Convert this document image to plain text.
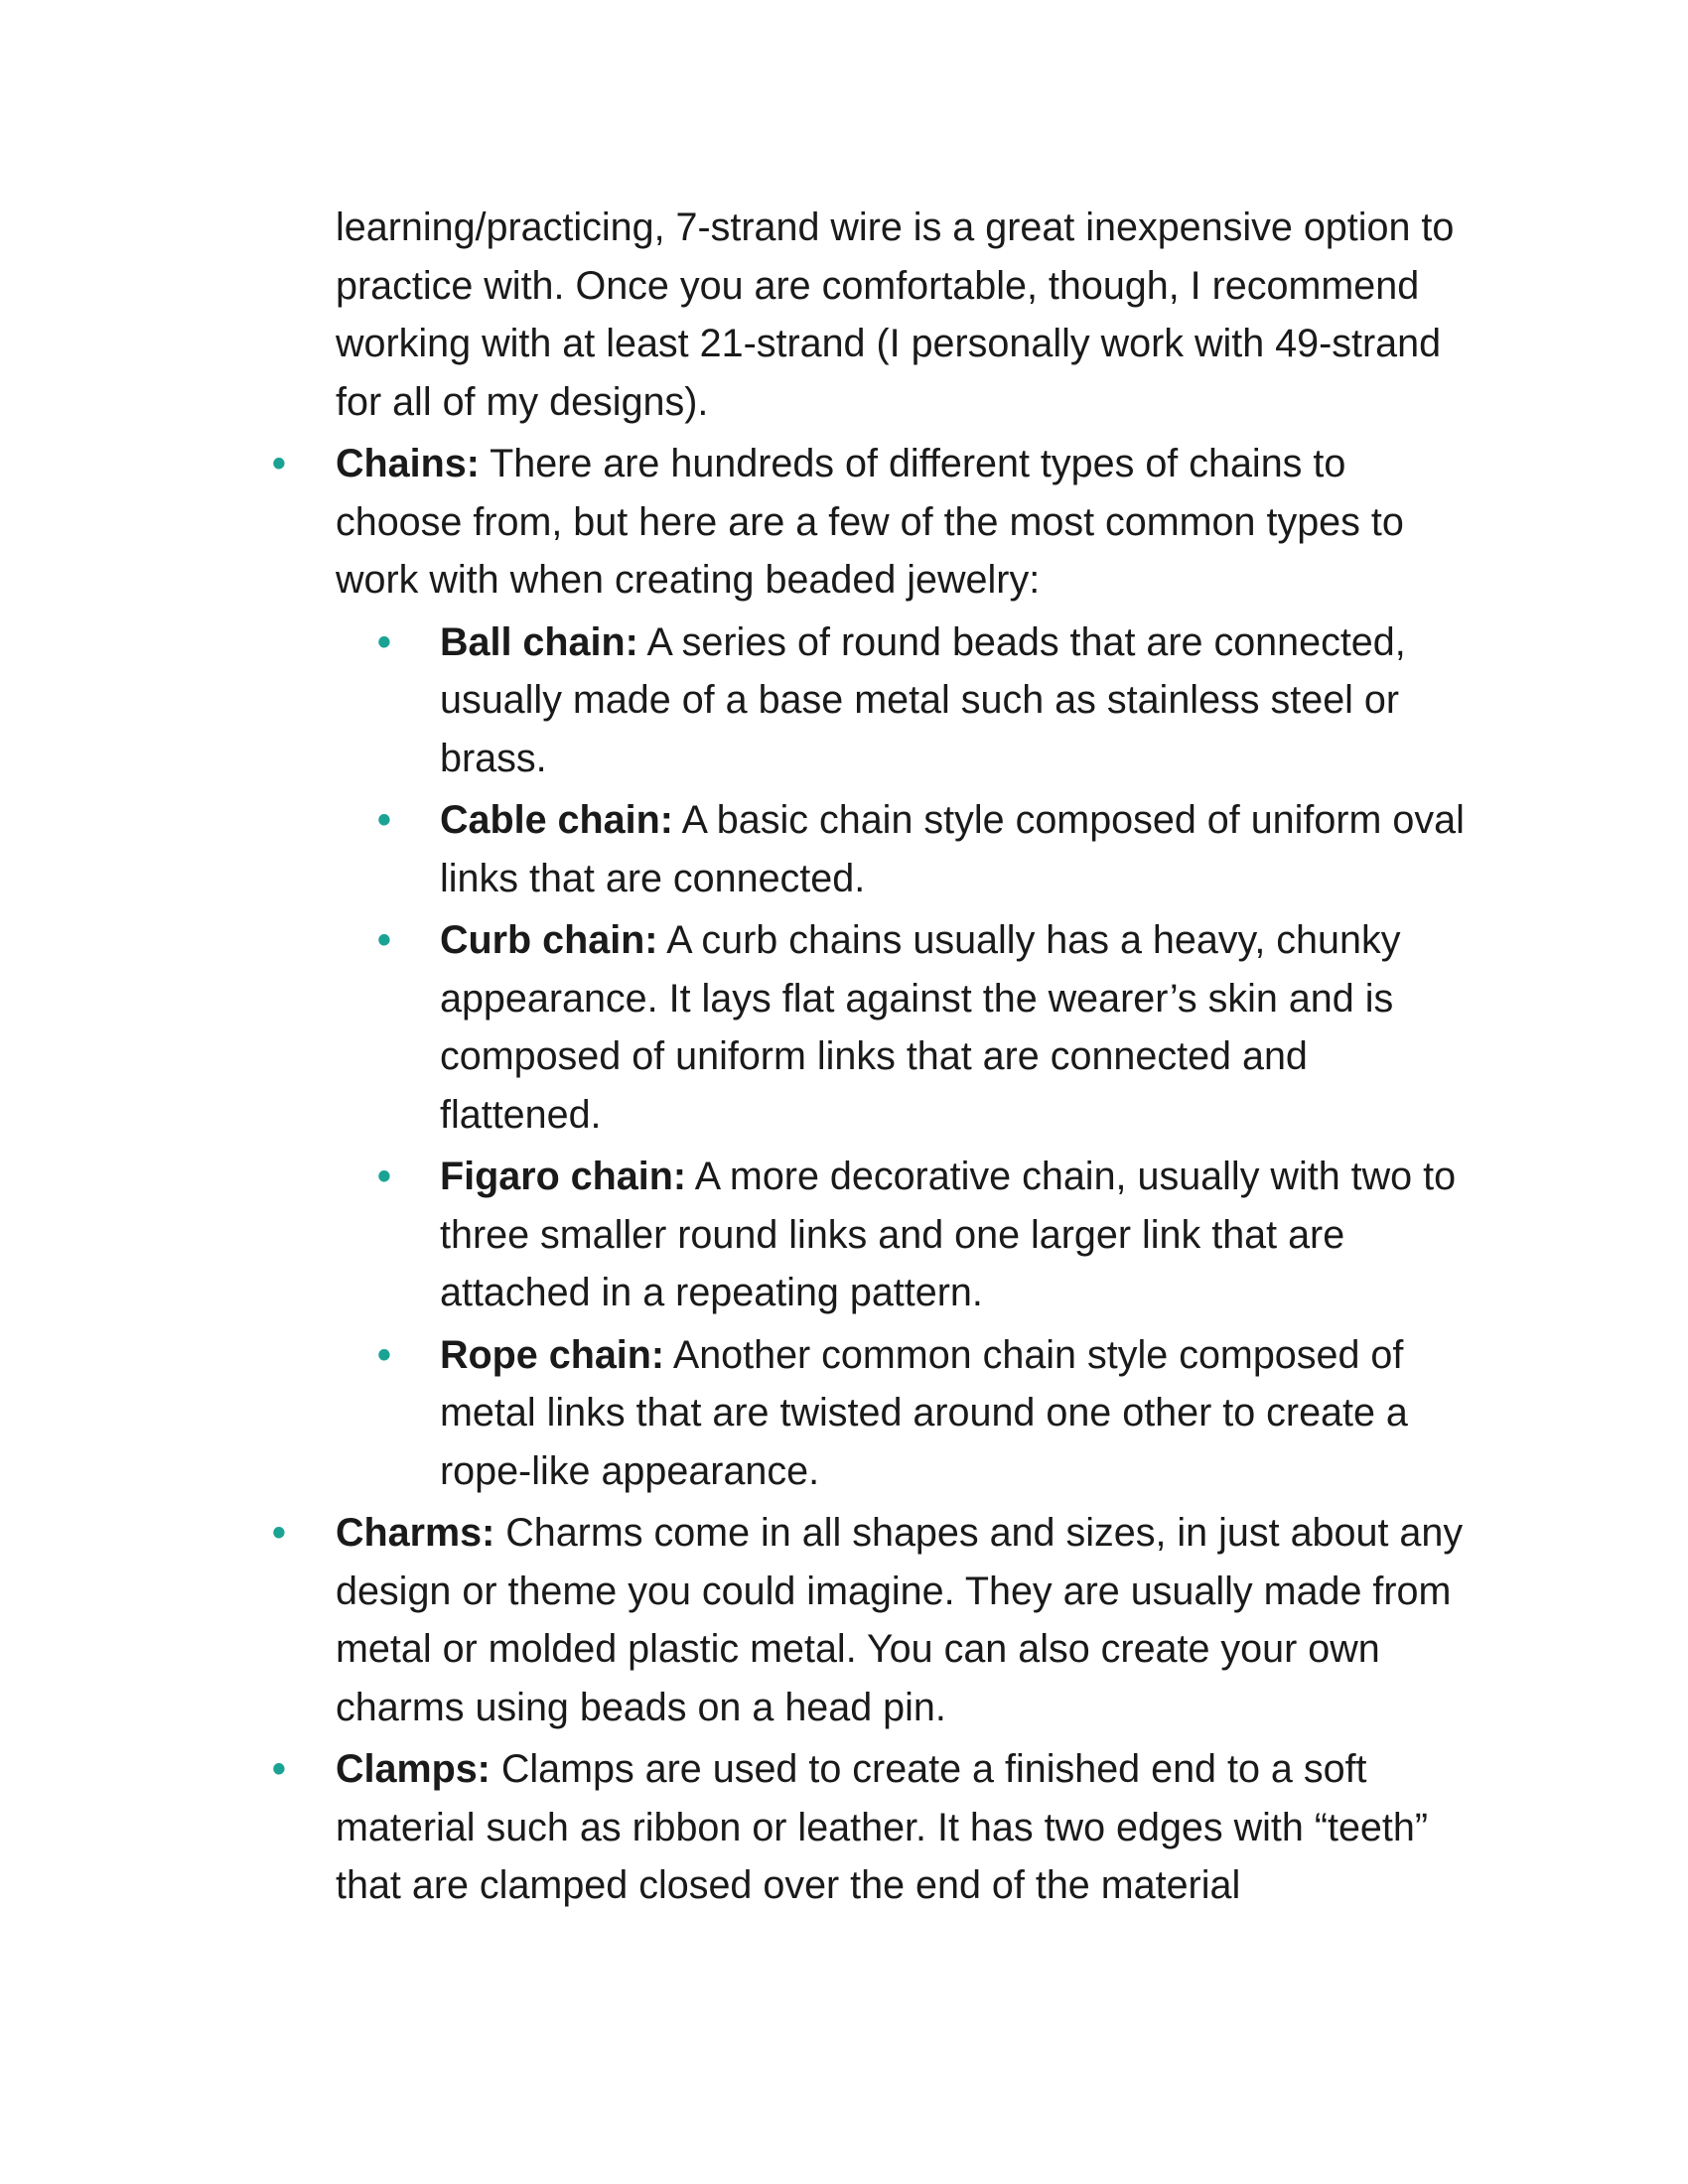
learning/practicing, 7-strand wire is a great inexpensive option to practice with. Once you are comfortable, though, I recommend working with at least 21-strand (I personally work with 49-strand for all of my designs).

• Chains: There are hundreds of different types of chains to choose from, but here are a few of the most common types to work with when creating beaded jewelry:
• Ball chain: A series of round beads that are connected, usually made of a base metal such as stainless steel or brass.
• Cable chain: A basic chain style composed of uniform oval links that are connected.
• Curb chain: A curb chains usually has a heavy, chunky appearance. It lays flat against the wearer’s skin and is composed of uniform links that are connected and flattened.
• Figaro chain: A more decorative chain, usually with two to three smaller round links and one larger link that are attached in a repeating pattern.
• Rope chain: Another common chain style composed of metal links that are twisted around one other to create a rope-like appearance.
• Charms: Charms come in all shapes and sizes, in just about any design or theme you could imagine. They are usually made from metal or molded plastic metal. You can also create your own charms using beads on a head pin.
• Clamps: Clamps are used to create a finished end to a soft material such as ribbon or leather. It has two edges with “teeth” that are clamped closed over the end of the material
